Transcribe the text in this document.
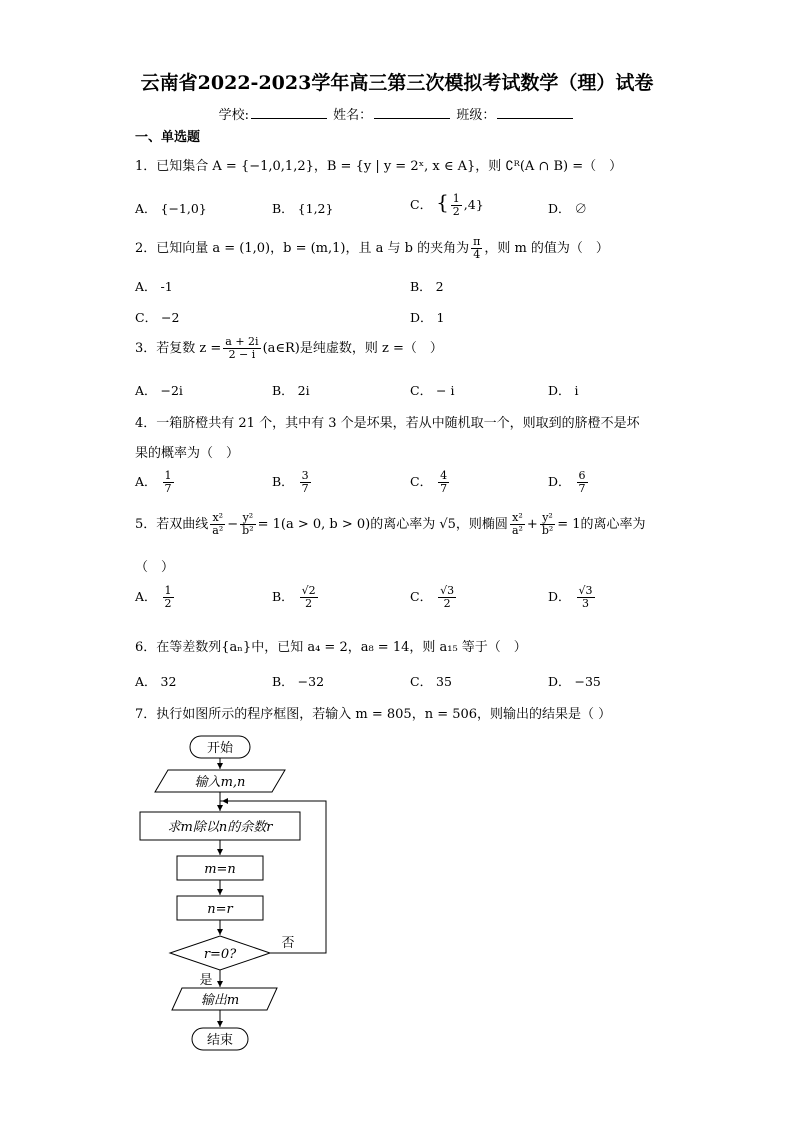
云南省2022-2023学年高三第三次模拟考试数学（理）试卷
学校:	姓名：	班级：
一、单选题
1．已知集合 A = {−1,0,1,2}，B = {y | y = 2ˣ, x ∈ A}，则 ∁ᴿ(A ∩ B) =（　）
A． {−1,0}	B． {1,2}	C． { $\frac{1}{2} ,4$}	D． ∅
2．已知向量 a = (1,0)，b = (m,1)，且 a 与 b 的夹角为 $\frac{\pi}{4}$ ，则 m 的值为（　）
A． -1	B． 2
C． −2	D． 1
3．若复数 $z = \frac{a + 2i}{2 - i}$ (a∈R)是纯虚数，则 z =（　）
A． −2i	B． 2i	C． − i	D． i
4．一箱脐橙共有 21 个，其中有 3 个是坏果，若从中随机取一个，则取到的脐橙不是坏
果的概率为（　）
A． $\frac{1}{7}$	B． $\frac{3}{7}$	C． $\frac{4}{7}$	D． $\frac{6}{7}$
5．若双曲线 $\frac{\text{x²}}{\text{a²}} - \frac{\text{y²}}{\text{b²}} = 1(a > 0$, b > 0)的离心率为 √5，则椭圆 $\frac{\text{x²}}{\text{a²}} + \frac{\text{y²}}{\text{b²}} = 1$的离心率为
（　）
A． $\frac{1}{2}$	B． $\frac{√2}{2}$	C． $\frac{√3}{2}$	D． $\frac{√3}{3}$
6．在等差数列{aₙ}中，已知 a₄ = 2，a₈ = 14，则 a₁₅ 等于（　）
A． 32	B． −32	C． 35	D． −35
7．执行如图所示的程序框图，若输入 m = 805，n = 506，则输出的结果是（ ）
开始
输入m,n
求m除以n的余数r
m=n
n=r
r=0?
否
是
输出m
结束
